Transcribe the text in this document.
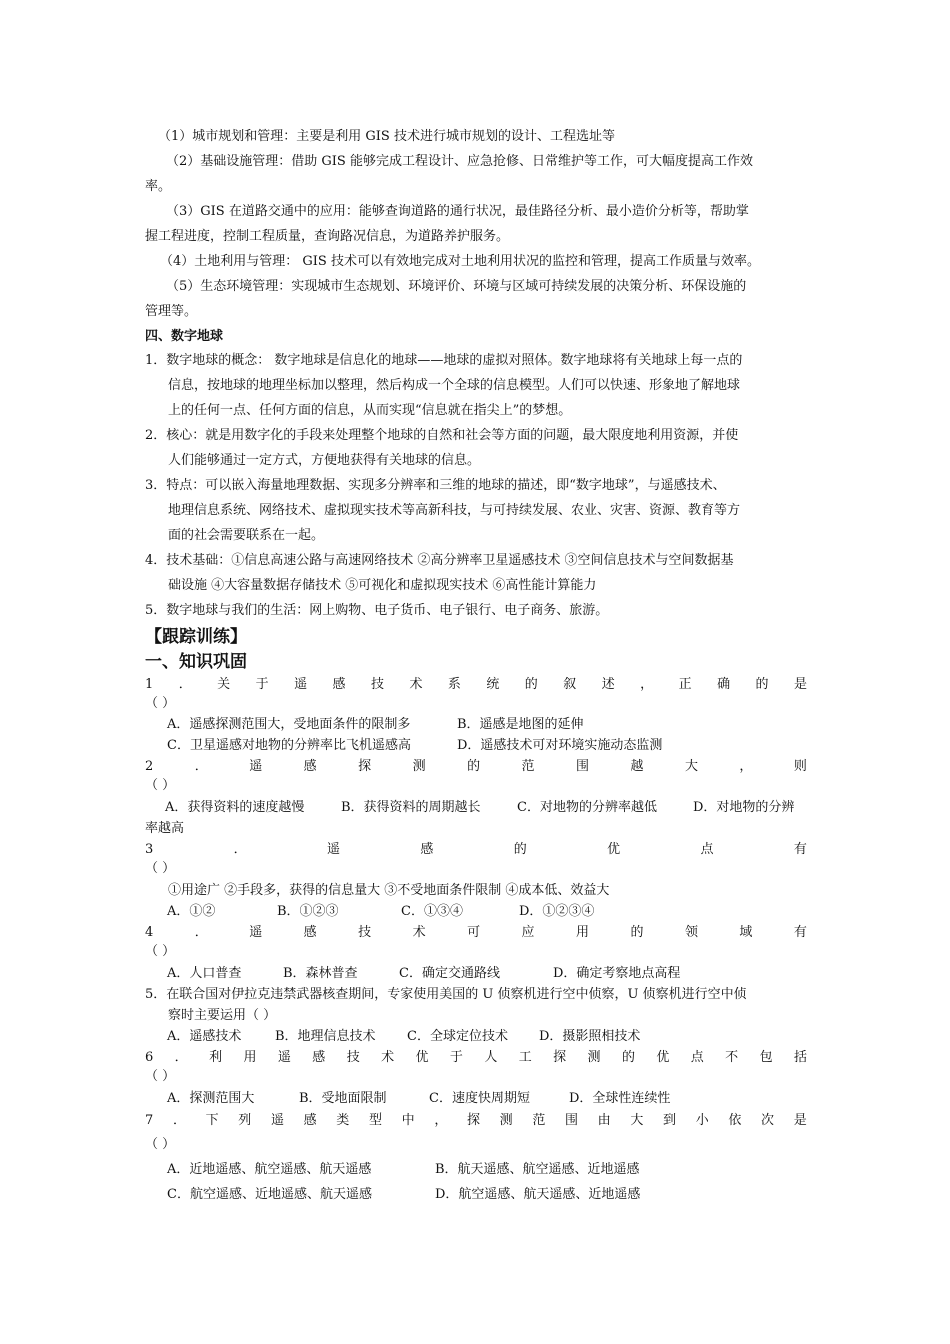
（1）城市规划和管理：主要是利用 GIS 技术进行城市规划的设计、工程选址等
（2）基础设施管理：借助 GIS 能够完成工程设计、应急抢修、日常维护等工作，可大幅度提高工作效
率。
（3）GIS 在道路交通中的应用：能够查询道路的通行状况，最佳路径分析、最小造价分析等，帮助掌
握工程进度，控制工程质量，查询路况信息，为道路养护服务。
（4）土地利用与管理： GIS 技术可以有效地完成对土地利用状况的监控和管理，提高工作质量与效率。
（5）生态环境管理：实现城市生态规划、环境评价、环境与区域可持续发展的决策分析、环保设施的
管理等。
四、数字地球
1．数字地球的概念： 数字地球是信息化的地球——地球的虚拟对照体。数字地球将有关地球上每一点的
信息，按地球的地理坐标加以整理，然后构成一个全球的信息模型。人们可以快速、形象地了解地球
上的任何一点、任何方面的信息，从而实现“信息就在指尖上”的梦想。
2．核心：就是用数字化的手段来处理整个地球的自然和社会等方面的问题，最大限度地利用资源，并使
人们能够通过一定方式，方便地获得有关地球的信息。
3．特点：可以嵌入海量地理数据、实现多分辨率和三维的地球的描述，即“数字地球”，与遥感技术、
地理信息系统、网络技术、虚拟现实技术等高新科技，与可持续发展、农业、灾害、资源、教育等方
面的社会需要联系在一起。
4．技术基础：①信息高速公路与高速网络技术 ②高分辨率卫星遥感技术 ③空间信息技术与空间数据基
础设施 ④大容量数据存储技术 ⑤可视化和虚拟现实技术 ⑥高性能计算能力
5．数字地球与我们的生活：网上购物、电子货币、电子银行、电子商务、旅游。
【跟踪训练】
一、知识巩固
1 ． 关 于 遥 感 技 术 系 统 的 叙 述 ， 正 确 的 是
（ ）
A．遥感探测范围大，受地面条件的限制多	B．遥感是地图的延伸
C．卫星遥感对地物的分辨率比飞机遥感高	D．遥感技术可对环境实施动态监测
2	．	遥	感	探	测	的	范	围	越	大	，	则
（ ）
A．获得资料的速度越慢	B．获得资料的周期越长	C．对地物的分辨率越低	D．对地物的分辨
率越高
3	．	遥	感	的	优	点	有
（ ）
①用途广 ②手段多，获得的信息量大 ③不受地面条件限制 ④成本低、效益大
A．①②	B．①②③	C．①③④	D．①②③④
4	．	遥	感	技	术	可	应	用	的	领	域	有
（ ）
A．人口普查	B．森林普查	C．确定交通路线	D．确定考察地点高程
5．在联合国对伊拉克违禁武器核查期间，专家使用美国的 U 侦察机进行空中侦察，U 侦察机进行空中侦
察时主要运用（ ）
A．遥感技术	B．地理信息技术 C．全球定位技术 D．摄影照相技术
6 ． 利 用 遥 感 技 术 优 于 人 工 探 测 的 优 点 不 包 括
（ ）
A．探测范围大	B．受地面限制	C．速度快周期短	D．全球性连续性
7 ． 下 列 遥 感 类 型 中 ， 探 测 范 围 由 大 到 小 依 次 是
（ ）
A．近地遥感、航空遥感、航天遥感	B．航天遥感、航空遥感、近地遥感
C．航空遥感、近地遥感、航天遥感	D．航空遥感、航天遥感、近地遥感
